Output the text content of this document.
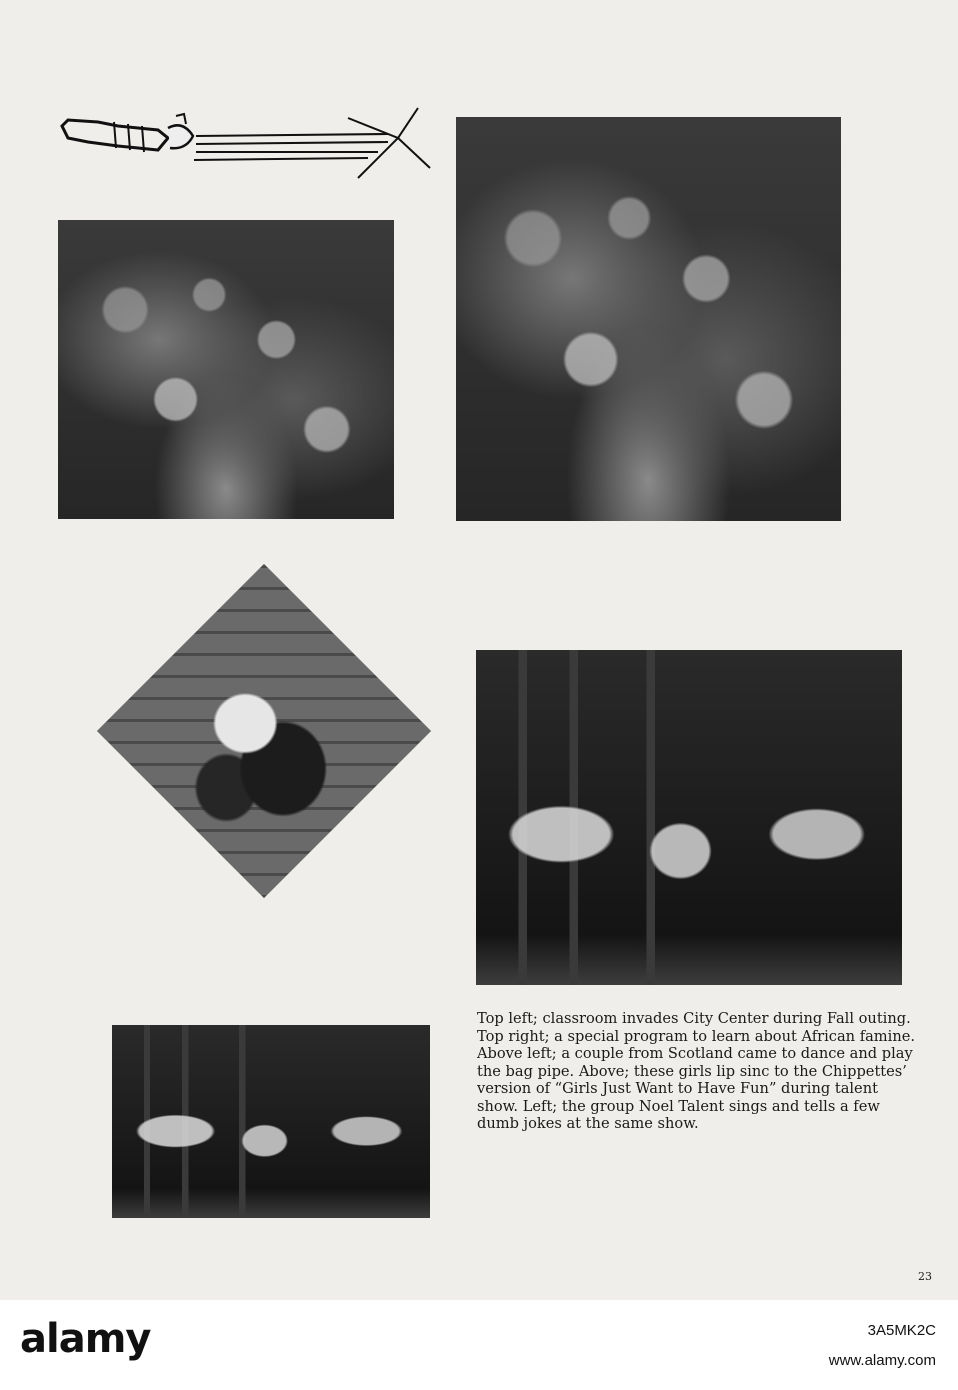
Top left; classroom invades City Center during Fall outing. Top right; a special program to learn about African famine. Above left; a couple from Scotland came to dance and play the bag pipe. Above; these girls lip sinc to the Chippettes’ version of “Girls Just Want to Have Fun” during talent show. Left; the group Noel Talent sings and tells a few dumb jokes at the same show.

23
alamy	3A5MK2C
www.alamy.com
